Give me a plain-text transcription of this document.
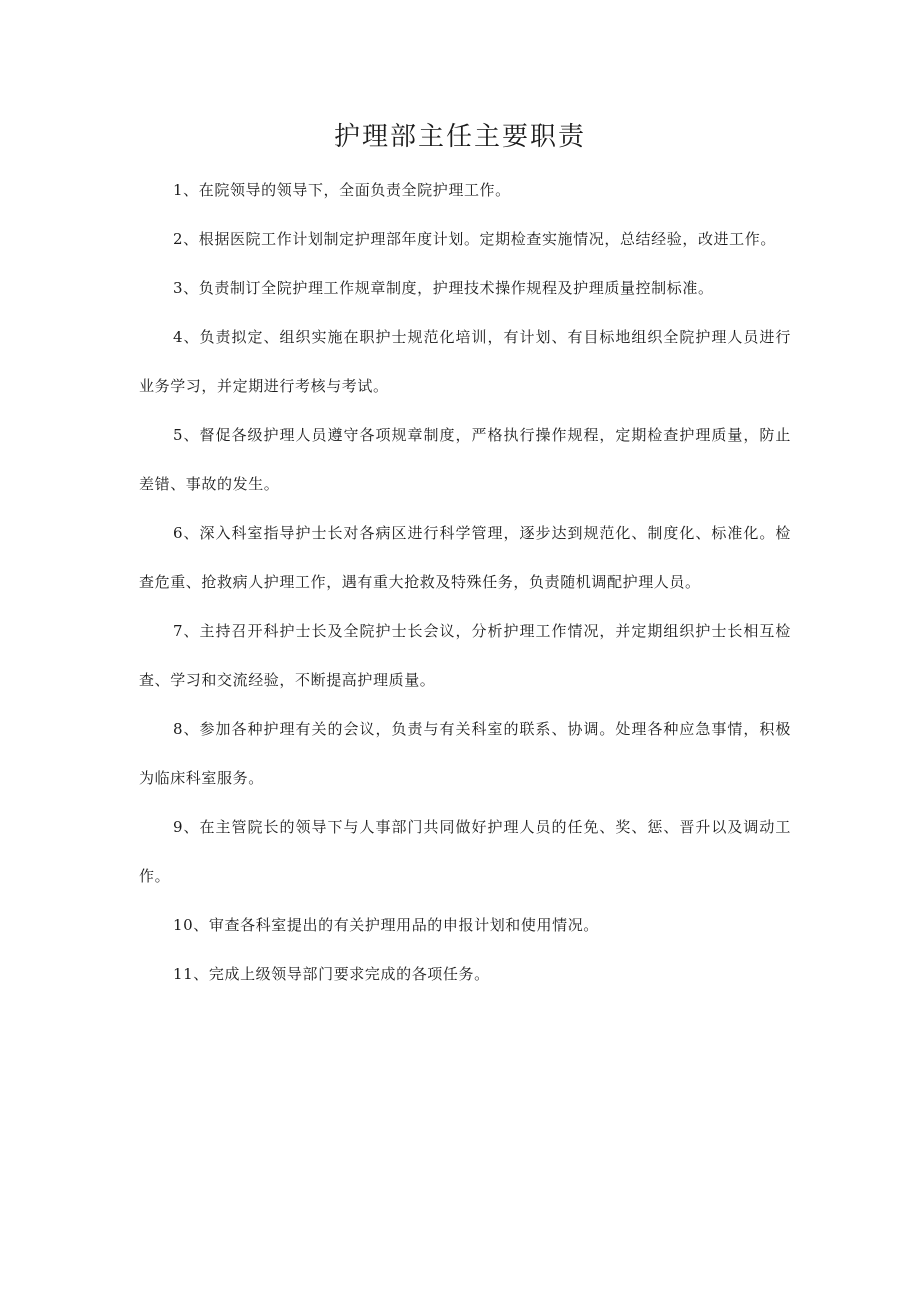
护理部主任主要职责

1、在院领导的领导下，全面负责全院护理工作。

2、根据医院工作计划制定护理部年度计划。定期检查实施情况，总结经验，改进工作。

3、负责制订全院护理工作规章制度，护理技术操作规程及护理质量控制标准。

4、负责拟定、组织实施在职护士规范化培训，有计划、有目标地组织全院护理人员进行业务学习，并定期进行考核与考试。

5、督促各级护理人员遵守各项规章制度，严格执行操作规程，定期检查护理质量，防止差错、事故的发生。

6、深入科室指导护士长对各病区进行科学管理，逐步达到规范化、制度化、标准化。检查危重、抢救病人护理工作，遇有重大抢救及特殊任务，负责随机调配护理人员。

7、主持召开科护士长及全院护士长会议，分析护理工作情况，并定期组织护士长相互检查、学习和交流经验，不断提高护理质量。

8、参加各种护理有关的会议，负责与有关科室的联系、协调。处理各种应急事情，积极为临床科室服务。

9、在主管院长的领导下与人事部门共同做好护理人员的任免、奖、惩、晋升以及调动工作。

10、审查各科室提出的有关护理用品的申报计划和使用情况。

11、完成上级领导部门要求完成的各项任务。
